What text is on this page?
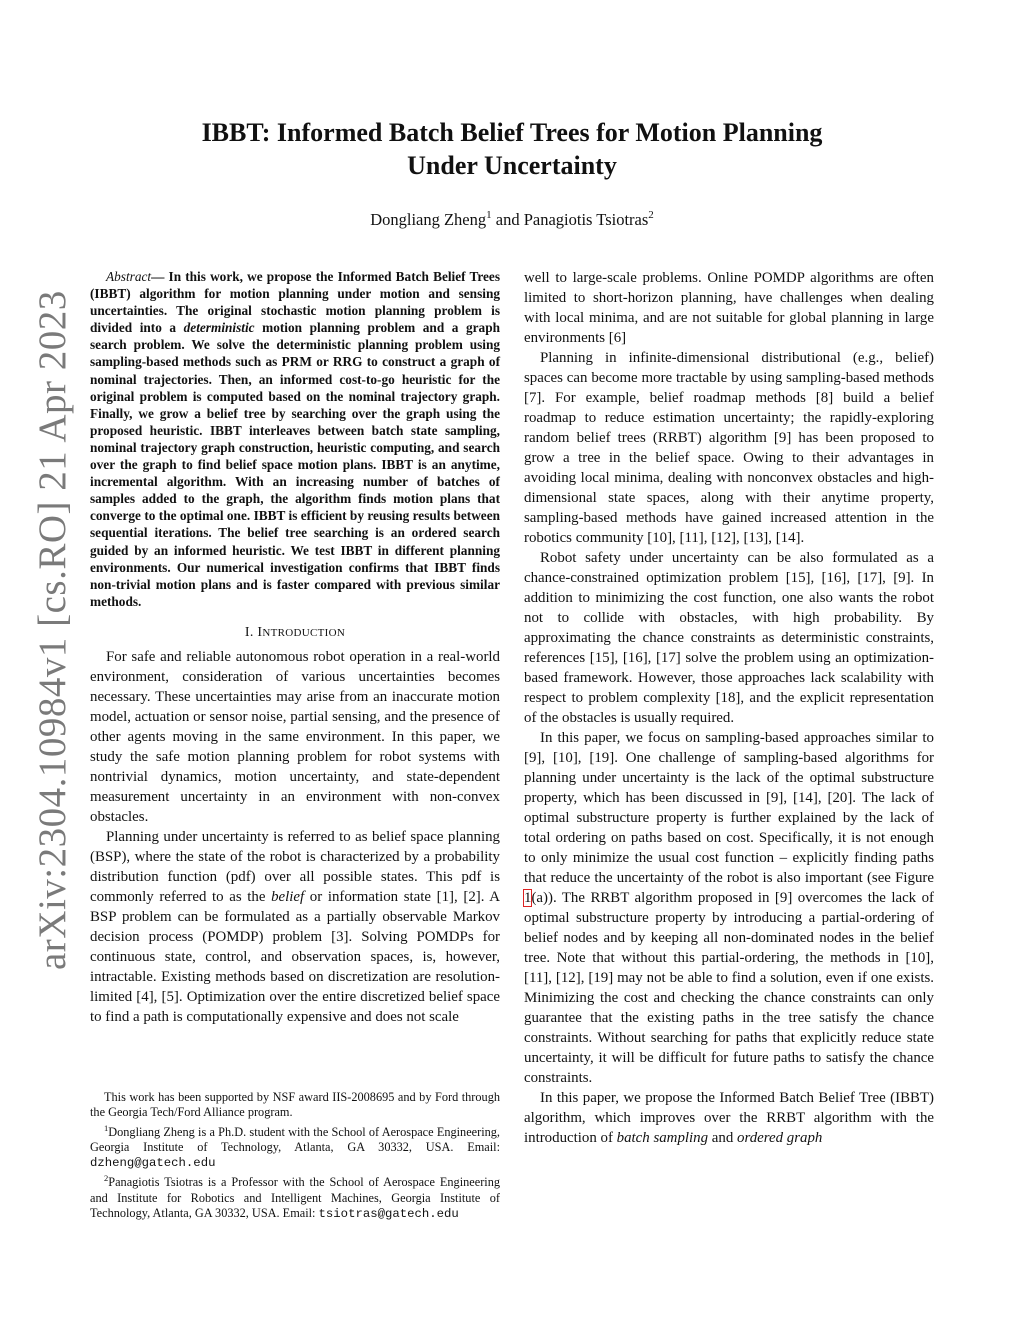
arXiv:2304.10984v1 [cs.RO] 21 Apr 2023
IBBT: Informed Batch Belief Trees for Motion Planning
Under Uncertainty
Dongliang Zheng$^1$ and Panagiotis Tsiotras$^2$

Abstract— In this work, we propose the Informed Batch Belief Trees (IBBT) algorithm for motion planning under motion and sensing uncertainties. The original stochastic motion planning problem is divided into a deterministic motion planning problem and a graph search problem. We solve the deterministic planning problem using sampling-based methods such as PRM or RRG to construct a graph of nominal trajectories. Then, an informed cost-to-go heuristic for the original problem is computed based on the nominal trajectory graph. Finally, we grow a belief tree by searching over the graph using the proposed heuristic. IBBT interleaves between batch state sampling, nominal trajectory graph construction, heuristic computing, and search over the graph to find belief space motion plans. IBBT is an anytime, incremental algorithm. With an increasing number of batches of samples added to the graph, the algorithm finds motion plans that converge to the optimal one. IBBT is efficient by reusing results between sequential iterations. The belief tree searching is an ordered search guided by an informed heuristic. We test IBBT in different planning environments. Our numerical investigation confirms that IBBT finds non-trivial motion plans and is faster compared with previous similar methods.

I. INTRODUCTION

For safe and reliable autonomous robot operation in a real-world environment, consideration of various uncertainties becomes necessary. These uncertainties may arise from an inaccurate motion model, actuation or sensor noise, partial sensing, and the presence of other agents moving in the same environment. In this paper, we study the safe motion planning problem for robot systems with nontrivial dynamics, motion uncertainty, and state-dependent measurement uncertainty in an environment with non-convex obstacles.

Planning under uncertainty is referred to as belief space planning (BSP), where the state of the robot is characterized by a probability distribution function (pdf) over all possible states. This pdf is commonly referred to as the belief or information state [1], [2]. A BSP problem can be formulated as a partially observable Markov decision process (POMDP) problem [3]. Solving POMDPs for continuous state, control, and observation spaces, is, however, intractable. Existing methods based on discretization are resolution-limited [4], [5]. Optimization over the entire discretized belief space to find a path is computationally expensive and does not scale

This work has been supported by NSF award IIS-2008695 and by Ford through the Georgia Tech/Ford Alliance program.

$^1$Dongliang Zheng is a Ph.D. student with the School of Aerospace Engineering, Georgia Institute of Technology, Atlanta, GA 30332, USA. Email: dzheng@gatech.edu

$^2$Panagiotis Tsiotras is a Professor with the School of Aerospace Engineering and Institute for Robotics and Intelligent Machines, Georgia Institute of Technology, Atlanta, GA 30332, USA. Email: tsiotras@gatech.edu

well to large-scale problems. Online POMDP algorithms are often limited to short-horizon planning, have challenges when dealing with local minima, and are not suitable for global planning in large environments [6]

Planning in infinite-dimensional distributional (e.g., belief) spaces can become more tractable by using sampling-based methods [7]. For example, belief roadmap methods [8] build a belief roadmap to reduce estimation uncertainty; the rapidly-exploring random belief trees (RRBT) algorithm [9] has been proposed to grow a tree in the belief space. Owing to their advantages in avoiding local minima, dealing with nonconvex obstacles and high-dimensional state spaces, along with their anytime property, sampling-based methods have gained increased attention in the robotics community [10], [11], [12], [13], [14].

Robot safety under uncertainty can be also formulated as a chance-constrained optimization problem [15], [16], [17], [9]. In addition to minimizing the cost function, one also wants the robot not to collide with obstacles, with high probability. By approximating the chance constraints as deterministic constraints, references [15], [16], [17] solve the problem using an optimization-based framework. However, those approaches lack scalability with respect to problem complexity [18], and the explicit representation of the obstacles is usually required.

In this paper, we focus on sampling-based approaches similar to [9], [10], [19]. One challenge of sampling-based algorithms for planning under uncertainty is the lack of the optimal substructure property, which has been discussed in [9], [14], [20]. The lack of optimal substructure property is further explained by the lack of total ordering on paths based on cost. Specifically, it is not enough to only minimize the usual cost function – explicitly finding paths that reduce the uncertainty of the robot is also important (see Figure 1(a)). The RRBT algorithm proposed in [9] overcomes the lack of optimal substructure property by introducing a partial-ordering of belief nodes and by keeping all non-dominated nodes in the belief tree. Note that without this partial-ordering, the methods in [10], [11], [12], [19] may not be able to find a solution, even if one exists. Minimizing the cost and checking the chance constraints can only guarantee that the existing paths in the tree satisfy the chance constraints. Without searching for paths that explicitly reduce state uncertainty, it will be difficult for future paths to satisfy the chance constraints.

In this paper, we propose the Informed Batch Belief Tree (IBBT) algorithm, which improves over the RRBT algorithm with the introduction of batch sampling and ordered graph
